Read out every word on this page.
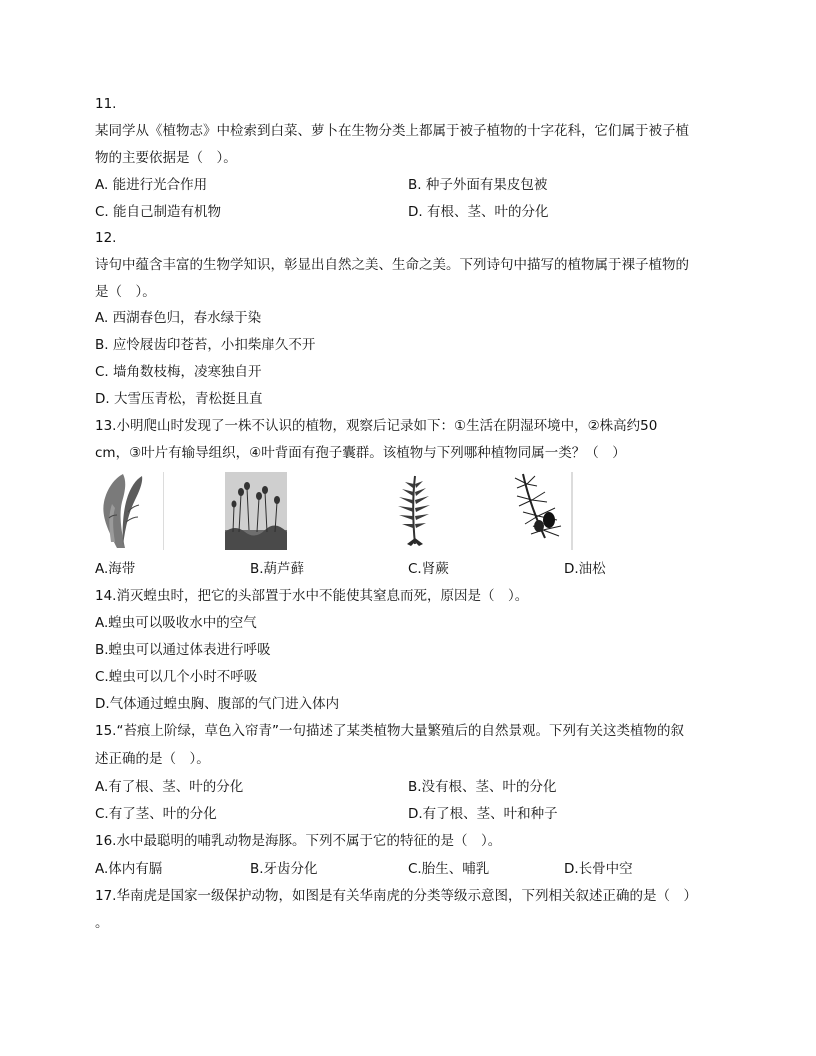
11.
某同学从《植物志》中检索到白菜、萝卜在生物分类上都属于被子植物的十字花科，它们属于被子植
物的主要依据是（　）。
A. 能进行光合作用	B. 种子外面有果皮包被
C. 能自己制造有机物	D. 有根、茎、叶的分化
12.
诗句中蕴含丰富的生物学知识，彰显出自然之美、生命之美。下列诗句中描写的植物属于裸子植物的
是（　）。
A. 西湖春色归，春水绿于染
B. 应怜屐齿印苍苔，小扣柴扉久不开
C. 墙角数枝梅，凌寒独自开
D. 大雪压青松，青松挺且直
13.小明爬山时发现了一株不认识的植物，观察后记录如下：①生活在阴湿环境中，②株高约50
cm，③叶片有输导组织，④叶背面有孢子囊群。该植物与下列哪种植物同属一类？（　）
A.海带	B.葫芦藓	C.肾蕨	D.油松
14.消灭蝗虫时，把它的头部置于水中不能使其窒息而死，原因是（　）。
A.蝗虫可以吸收水中的空气
B.蝗虫可以通过体表进行呼吸
C.蝗虫可以几个小时不呼吸
D.气体通过蝗虫胸、腹部的气门进入体内
15.“苔痕上阶绿，草色入帘青”一句描述了某类植物大量繁殖后的自然景观。下列有关这类植物的叙
述正确的是（　）。
A.有了根、茎、叶的分化	B.没有根、茎、叶的分化
C.有了茎、叶的分化	D.有了根、茎、叶和种子
16.水中最聪明的哺乳动物是海豚。下列不属于它的特征的是（　）。
A.体内有膈	B.牙齿分化	C.胎生、哺乳	D.长骨中空
17.华南虎是国家一级保护动物，如图是有关华南虎的分类等级示意图，下列相关叙述正确的是（　）
。
